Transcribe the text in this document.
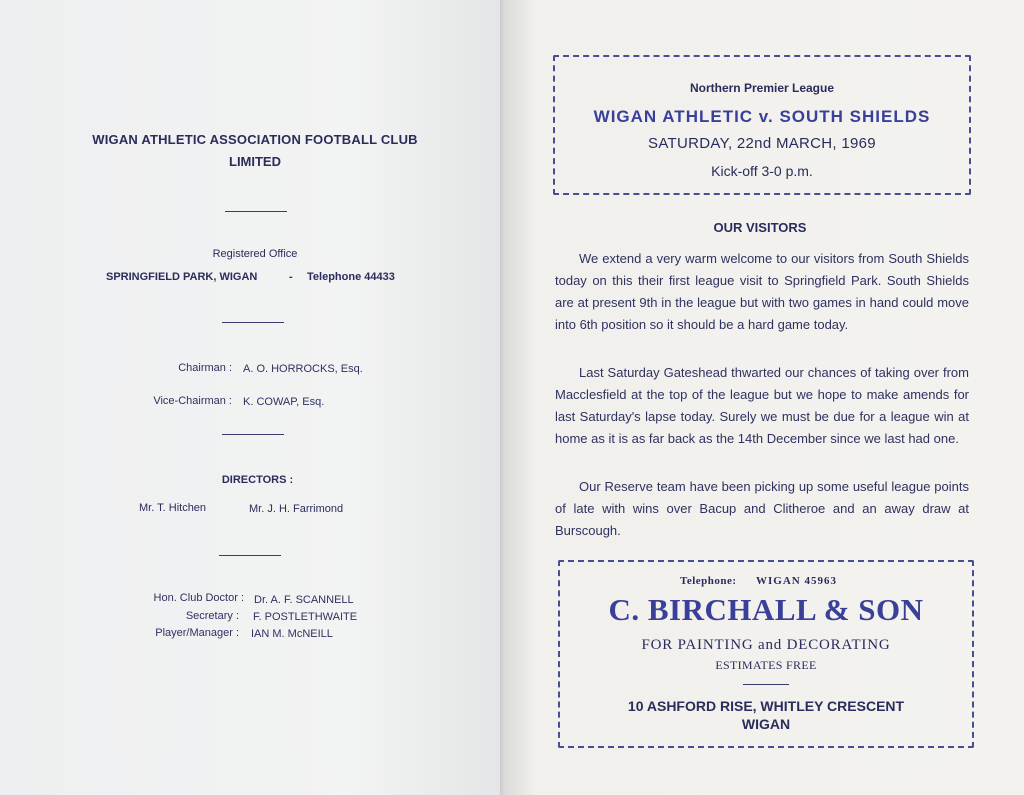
WIGAN ATHLETIC ASSOCIATION FOOTBALL CLUB
LIMITED
Registered Office
SPRINGFIELD PARK, WIGAN	- Telephone 44433
Chairman : A. O. HORROCKS, Esq.
Vice-Chairman : K. COWAP, Esq.
DIRECTORS :
Mr. T. Hitchen	Mr. J. H. Farrimond
Hon. Club Doctor : Dr. A. F. SCANNELL
Secretary : F. POSTLETHWAITE
Player/Manager : IAN M. McNEILL
Northern Premier League
WIGAN ATHLETIC v. SOUTH SHIELDS
SATURDAY, 22nd MARCH, 1969
Kick-off 3-0 p.m.
OUR VISITORS
We extend a very warm welcome to our visitors from South Shields today on this their first league visit to Springfield Park. South Shields are at present 9th in the league but with two games in hand could move into 6th position so it should be a hard game today.
Last Saturday Gateshead thwarted our chances of taking over from Macclesfield at the top of the league but we hope to make amends for last Saturday's lapse today. Surely we must be due for a league win at home as it is as far back as the 14th December since we last had one.
Our Reserve team have been picking up some useful league points of late with wins over Bacup and Clitheroe and an away draw at Burscough.
Telephone: WIGAN 45963
C. BIRCHALL & SON
FOR PAINTING and DECORATING
ESTIMATES FREE
10 ASHFORD RISE, WHITLEY CRESCENT
WIGAN
